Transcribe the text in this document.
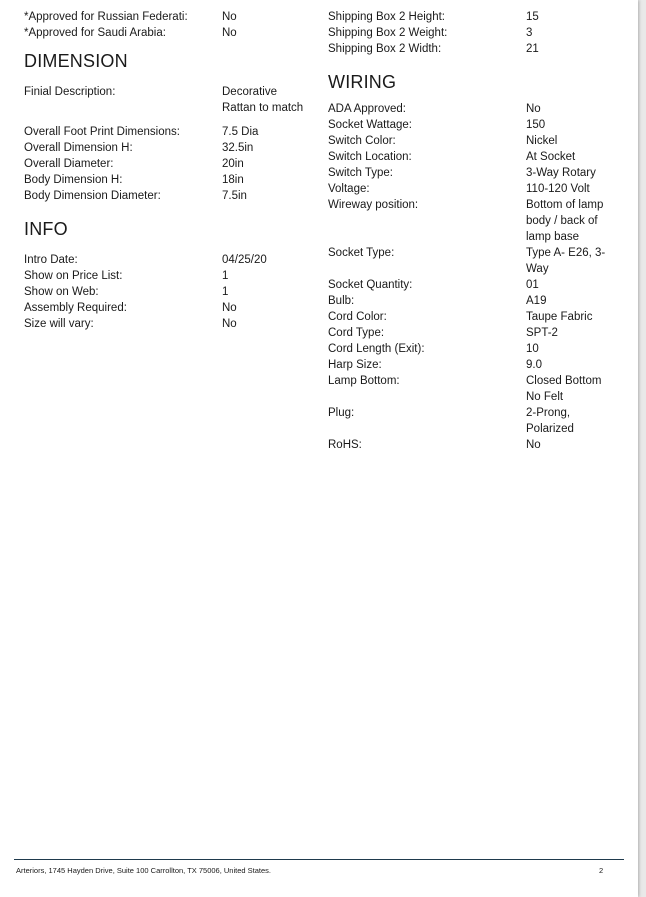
*Approved for Russian Federati:	No
*Approved for Saudi Arabia:	No
DIMENSION
Finial Description:	Decorative Rattan to match
Overall Foot Print Dimensions:	7.5 Dia
Overall Dimension H:	32.5in
Overall Diameter:	20in
Body Dimension H:	18in
Body Dimension Diameter:	7.5in
INFO
Intro Date:	04/25/20
Show on Price List:	1
Show on Web:	1
Assembly Required:	No
Size will vary:	No
Shipping Box 2 Height:	15
Shipping Box 2 Weight:	3
Shipping Box 2 Width:	21
WIRING
ADA Approved:	No
Socket Wattage:	150
Switch Color:	Nickel
Switch Location:	At Socket
Switch Type:	3-Way Rotary
Voltage:	110-120 Volt
Wireway position:	Bottom of lamp body / back of lamp base
Socket Type:	Type A- E26, 3-Way
Socket Quantity:	01
Bulb:	A19
Cord Color:	Taupe Fabric
Cord Type:	SPT-2
Cord Length (Exit):	10
Harp Size:	9.0
Lamp Bottom:	Closed Bottom No Felt
Plug:	2-Prong, Polarized
RoHS:	No
Arteriors, 1745 Hayden Drive, Suite 100 Carrollton, TX 75006, United States.	2
